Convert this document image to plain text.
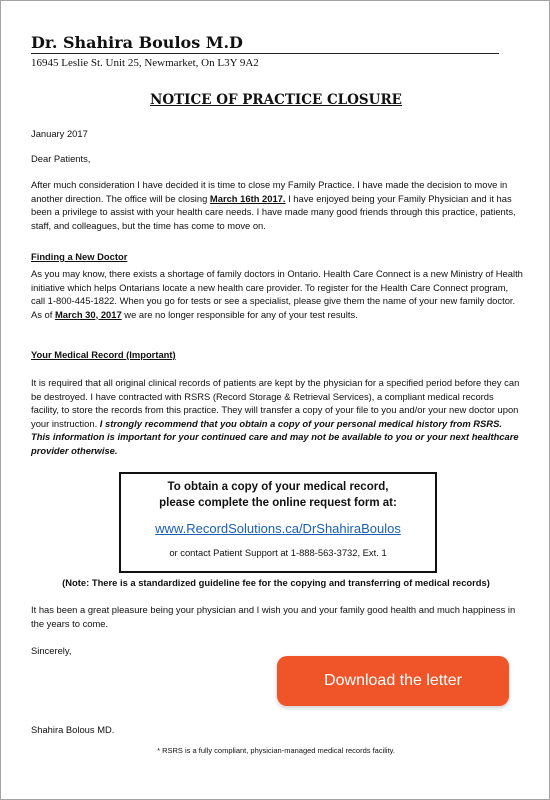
Dr. Shahira Boulos M.D
16945 Leslie St. Unit 25, Newmarket, On L3Y 9A2
NOTICE OF PRACTICE CLOSURE
January 2017
Dear Patients,
After much consideration I have decided it is time to close my Family Practice. I have made the decision to move in another direction. The office will be closing March 16th 2017. I have enjoyed being your Family Physician and it has been a privilege to assist with your health care needs. I have made many good friends through this practice, patients, staff, and colleagues, but the time has come to move on.
Finding a New Doctor
As you may know, there exists a shortage of family doctors in Ontario. Health Care Connect is a new Ministry of Health initiative which helps Ontarians locate a new health care provider. To register for the Health Care Connect program, call 1-800-445-1822. When you go for tests or see a specialist, please give them the name of your new family doctor. As of March 30, 2017 we are no longer responsible for any of your test results.
Your Medical Record (Important)
It is required that all original clinical records of patients are kept by the physician for a specified period before they can be destroyed. I have contracted with RSRS (Record Storage & Retrieval Services), a compliant medical records facility, to store the records from this practice. They will transfer a copy of your file to you and/or your new doctor upon your instruction. I strongly recommend that you obtain a copy of your personal medical history from RSRS. This information is important for your continued care and may not be available to you or your next healthcare provider otherwise.
To obtain a copy of your medical record,
please complete the online request form at:
www.RecordSolutions.ca/DrShahiraBoulos
or contact Patient Support at 1-888-563-3732, Ext. 1
(Note: There is a standardized guideline fee for the copying and transferring of medical records)
It has been a great pleasure being your physician and I wish you and your family good health and much happiness in the years to come.
Sincerely,
Download the letter
Shahira Bolous MD.
* RSRS is a fully compliant, physician-managed medical records facility.
